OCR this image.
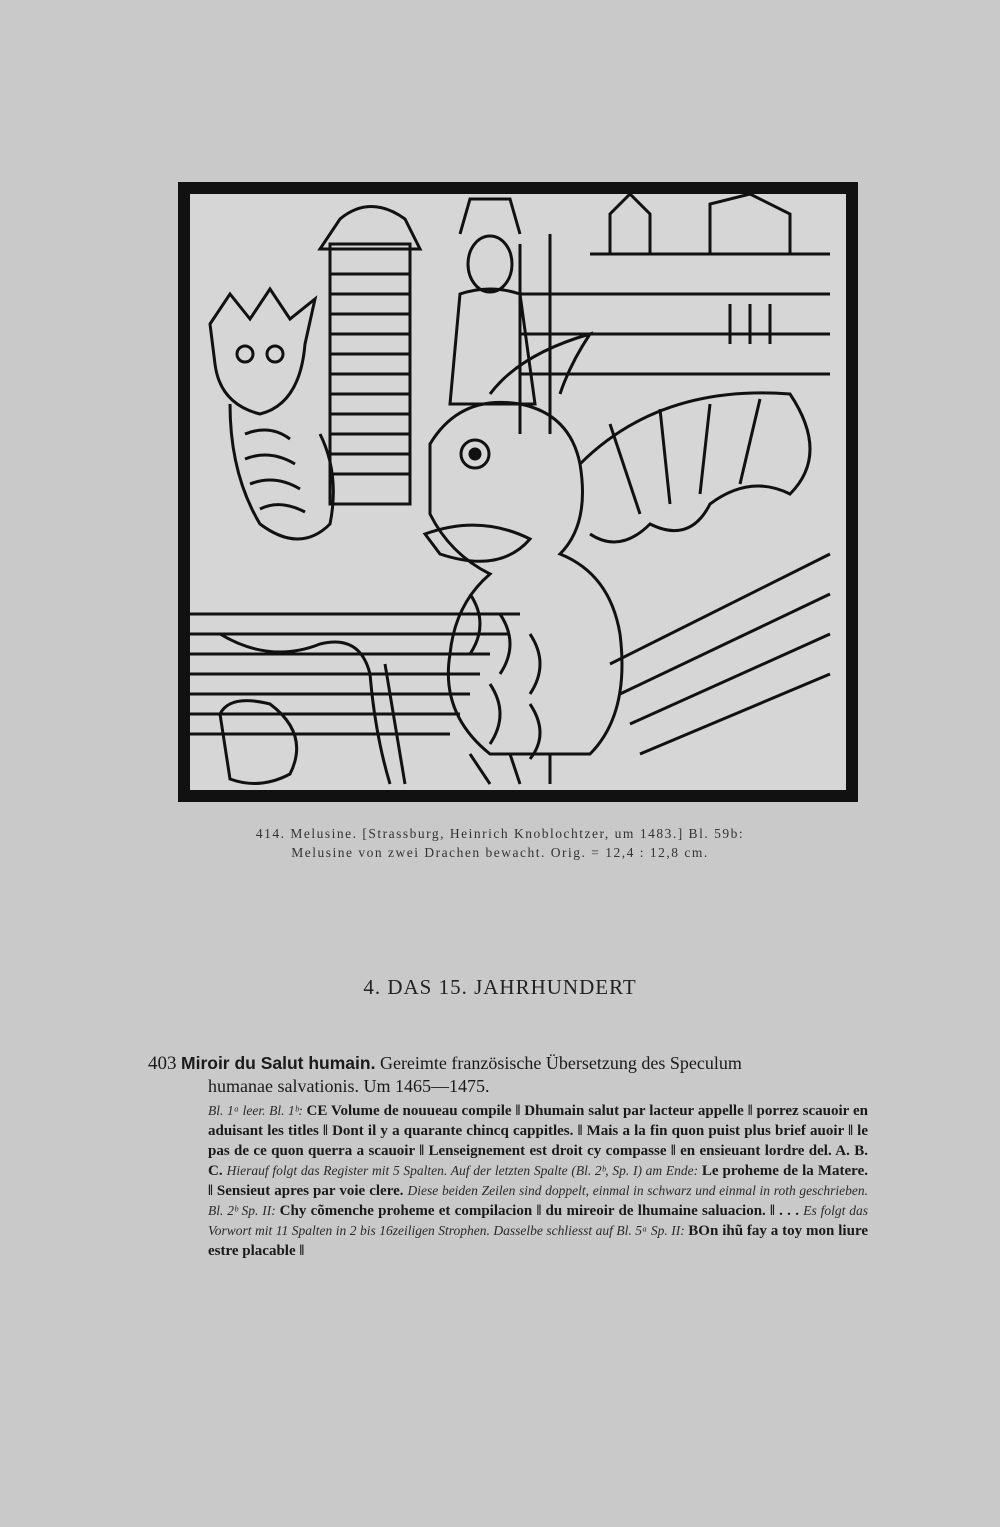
414. Melusine. [Strassburg, Heinrich Knoblochtzer, um 1483.] Bl. 59b:
Melusine von zwei Drachen bewacht. Orig. = 12,4 : 12,8 cm.
4. DAS 15. JAHRHUNDERT
403 Miroir du Salut humain. Gereimte französische Übersetzung des Speculum
humanae salvationis. Um 1465—1475.
Bl. 1ᵃ leer. Bl. 1ᵇ: CE Volume de nouueau compile ‖ Dhumain salut par lacteur appelle ‖ porrez scauoir en aduisant les titles ‖ Dont il y a quarante chincq cappitles. ‖ Mais a la fin quon puist plus brief auoir ‖ le pas de ce quon querra a scauoir ‖ Lenseignement est droit cy compasse ‖ en ensieuant lordre del. A. B. C. Hierauf folgt das Register mit 5 Spalten. Auf der letzten Spalte (Bl. 2ᵇ, Sp. I) am Ende: Le proheme de la Matere. ‖ Sensieut apres par voie clere. Diese beiden Zeilen sind doppelt, einmal in schwarz und einmal in roth geschrieben. Bl. 2ᵇ Sp. II: Chy cõmenche proheme et compilacion ‖ du mireoir de lhumaine saluacion. ‖ . . . Es folgt das Vorwort mit 11 Spalten in 2 bis 16zeiligen Strophen. Dasselbe schliesst auf Bl. 5ᵃ Sp. II: BOn ihũ fay a toy mon liure estre placable ‖
